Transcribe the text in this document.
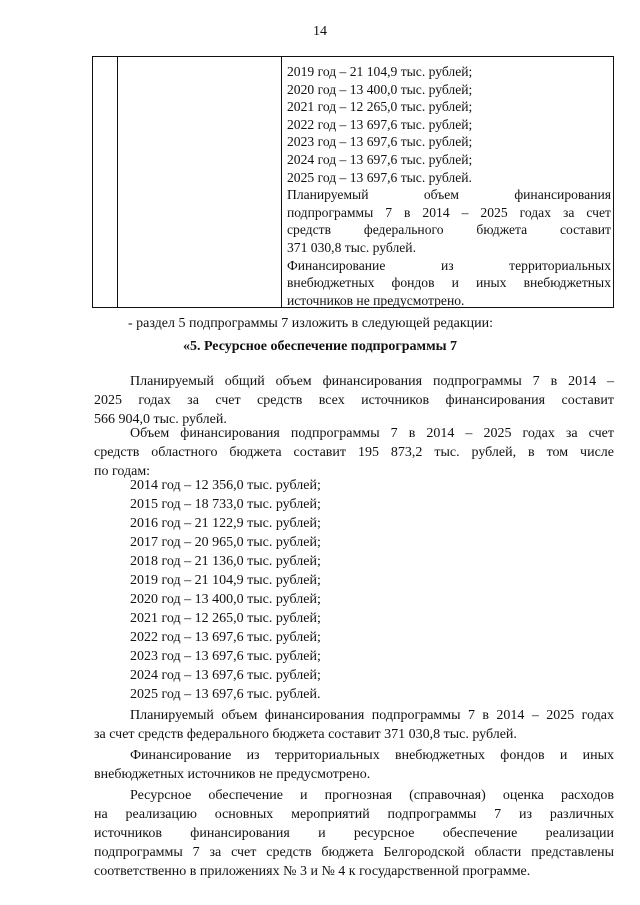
14
2019 год – 21 104,9 тыс. рублей;
2020 год – 13 400,0 тыс. рублей;
2021 год – 12 265,0 тыс. рублей;
2022 год – 13 697,6 тыс. рублей;
2023 год – 13 697,6 тыс. рублей;
2024 год – 13 697,6 тыс. рублей;
2025 год – 13 697,6 тыс. рублей.
Планируемый объем финансирования
подпрограммы 7 в 2014 – 2025 годах за счет
средств федерального бюджета составит
371 030,8 тыс. рублей.
Финансирование из территориальных
внебюджетных фондов и иных внебюджетных
источников не предусмотрено.
- раздел 5 подпрограммы 7 изложить в следующей редакции:
«5. Ресурсное обеспечение подпрограммы 7
Планируемый общий объем финансирования подпрограммы 7 в 2014 –
2025 годах за счет средств всех источников финансирования составит
566 904,0 тыс. рублей.
Объем финансирования подпрограммы 7 в 2014 – 2025 годах за счет
средств областного бюджета составит 195 873,2 тыс. рублей, в том числе
по годам:
2014 год – 12 356,0 тыс. рублей;
2015 год – 18 733,0 тыс. рублей;
2016 год – 21 122,9 тыс. рублей;
2017 год – 20 965,0 тыс. рублей;
2018 год – 21 136,0 тыс. рублей;
2019 год – 21 104,9 тыс. рублей;
2020 год – 13 400,0 тыс. рублей;
2021 год – 12 265,0 тыс. рублей;
2022 год – 13 697,6 тыс. рублей;
2023 год – 13 697,6 тыс. рублей;
2024 год – 13 697,6 тыс. рублей;
2025 год – 13 697,6 тыс. рублей.
Планируемый объем финансирования подпрограммы 7 в 2014 – 2025 годах
за счет средств федерального бюджета составит 371 030,8 тыс. рублей.
Финансирование из территориальных внебюджетных фондов и иных
внебюджетных источников не предусмотрено.
Ресурсное обеспечение и прогнозная (справочная) оценка расходов
на реализацию основных мероприятий подпрограммы 7 из различных
источников финансирования и ресурсное обеспечение реализации
подпрограммы 7 за счет средств бюджета Белгородской области представлены
соответственно в приложениях № 3 и № 4 к государственной программе.
